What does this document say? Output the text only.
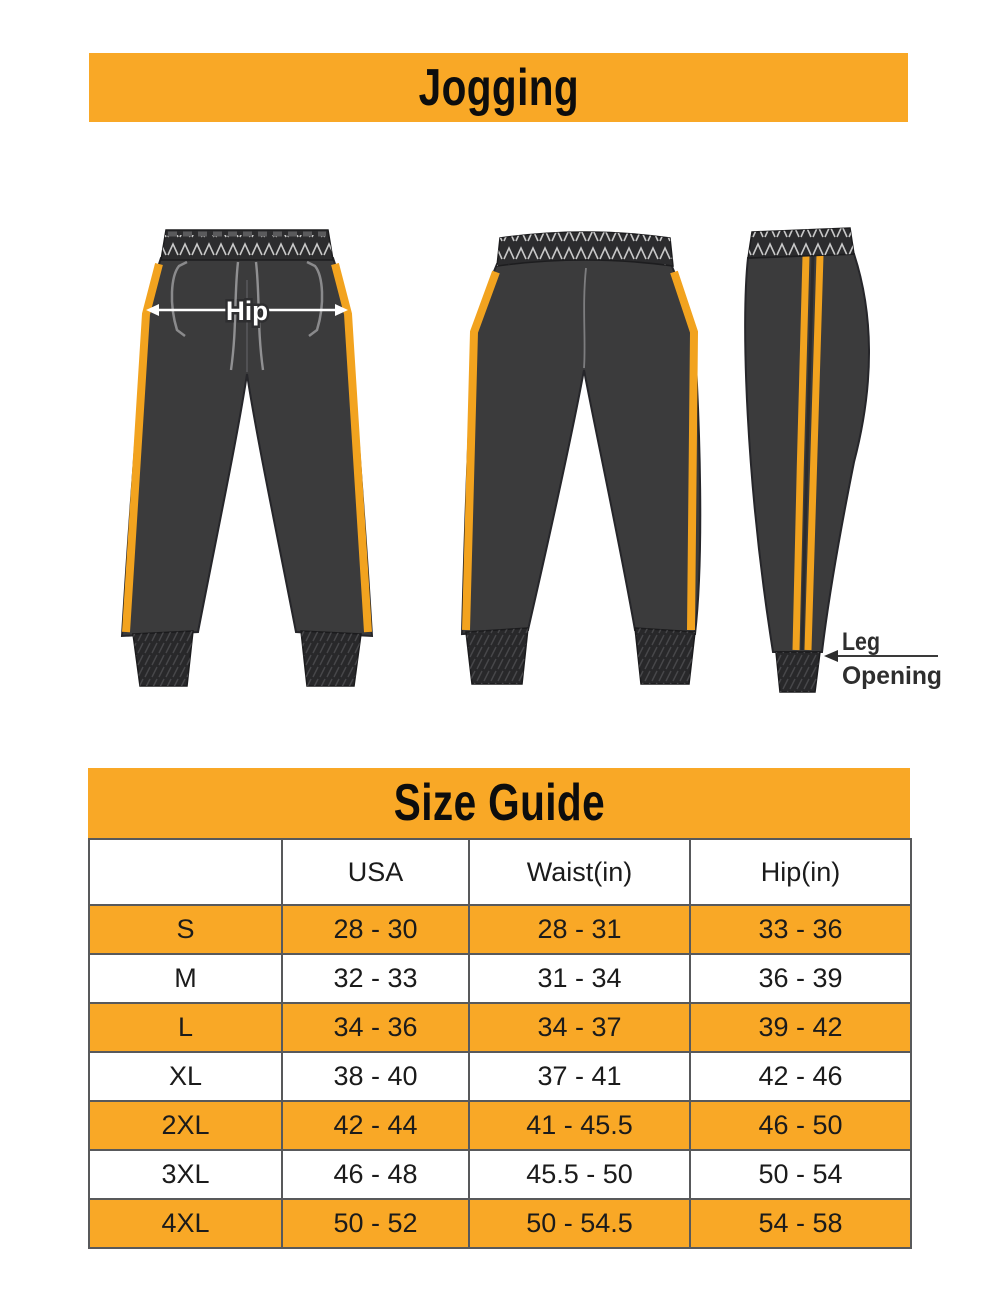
Jogging
Hip
Leg
Opening
Size Guide
	USA	Waist(in)	Hip(in)
S	28 - 30	28 - 31	33 - 36
M	32 - 33	31 - 34	36 - 39
L	34 - 36	34 - 37	39 - 42
XL	38 - 40	37 - 41	42 - 46
2XL	42 - 44	41 - 45.5	46 - 50
3XL	46 - 48	45.5 - 50	50 - 54
4XL	50 - 52	50 - 54.5	54 - 58
